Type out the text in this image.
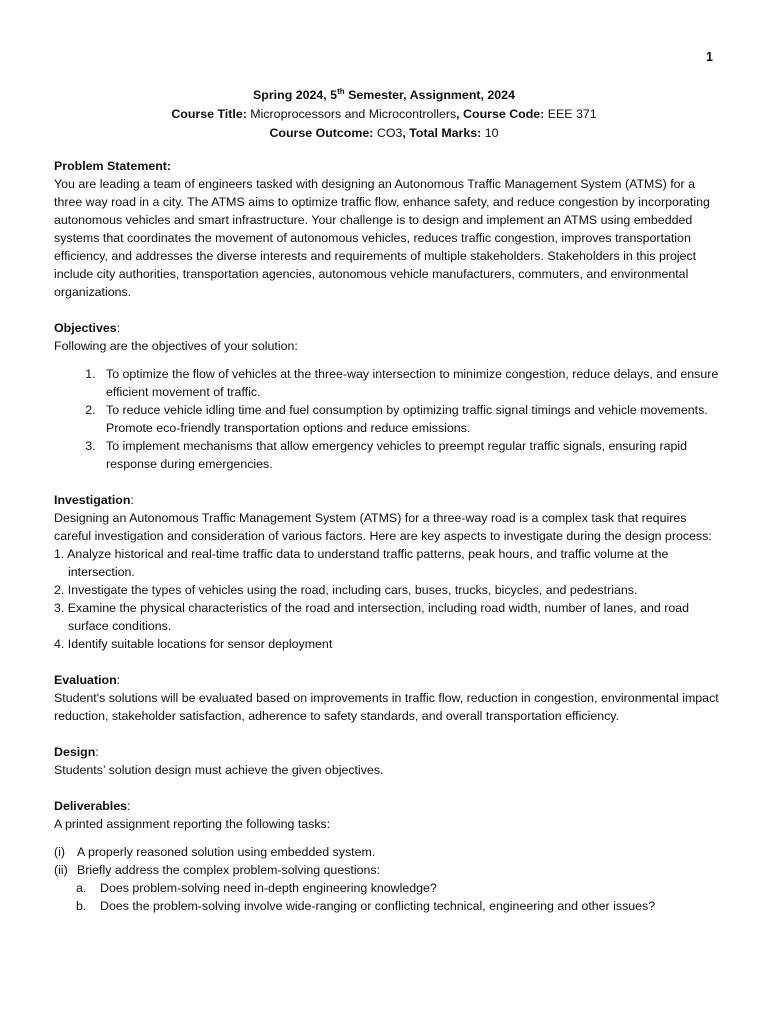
1
Spring 2024, 5th Semester, Assignment, 2024
Course Title: Microprocessors and Microcontrollers, Course Code: EEE 371
Course Outcome: CO3, Total Marks: 10
Problem Statement:

You are leading a team of engineers tasked with designing an Autonomous Traffic Management System (ATMS) for a three way road in a city. The ATMS aims to optimize traffic flow, enhance safety, and reduce congestion by incorporating autonomous vehicles and smart infrastructure. Your challenge is to design and implement an ATMS using embedded systems that coordinates the movement of autonomous vehicles, reduces traffic congestion, improves transportation efficiency, and addresses the diverse interests and requirements of multiple stakeholders. Stakeholders in this project include city authorities, transportation agencies, autonomous vehicle manufacturers, commuters, and environmental organizations.

Objectives:

Following are the objectives of your solution:

1. To optimize the flow of vehicles at the three-way intersection to minimize congestion, reduce delays, and ensure efficient movement of traffic.
2. To reduce vehicle idling time and fuel consumption by optimizing traffic signal timings and vehicle movements. Promote eco-friendly transportation options and reduce emissions.
3. To implement mechanisms that allow emergency vehicles to preempt regular traffic signals, ensuring rapid response during emergencies.
Investigation:

Designing an Autonomous Traffic Management System (ATMS) for a three-way road is a complex task that requires careful investigation and consideration of various factors. Here are key aspects to investigate during the design process:

1. Analyze historical and real-time traffic data to understand traffic patterns, peak hours, and traffic volume at the intersection.
2. Investigate the types of vehicles using the road, including cars, buses, trucks, bicycles, and pedestrians.
3. Examine the physical characteristics of the road and intersection, including road width, number of lanes, and road surface conditions.
4. Identify suitable locations for sensor deployment
Evaluation:

Student's solutions will be evaluated based on improvements in traffic flow, reduction in congestion, environmental impact reduction, stakeholder satisfaction, adherence to safety standards, and overall transportation efficiency.

Design:

Students’ solution design must achieve the given objectives.

Deliverables:

A printed assignment reporting the following tasks:

(i) A properly reasoned solution using embedded system.
(ii) Briefly address the complex problem-solving questions:
a.	Does problem-solving need in-depth engineering knowledge?
b.	Does the problem-solving involve wide-ranging or conflicting technical, engineering and other issues?
